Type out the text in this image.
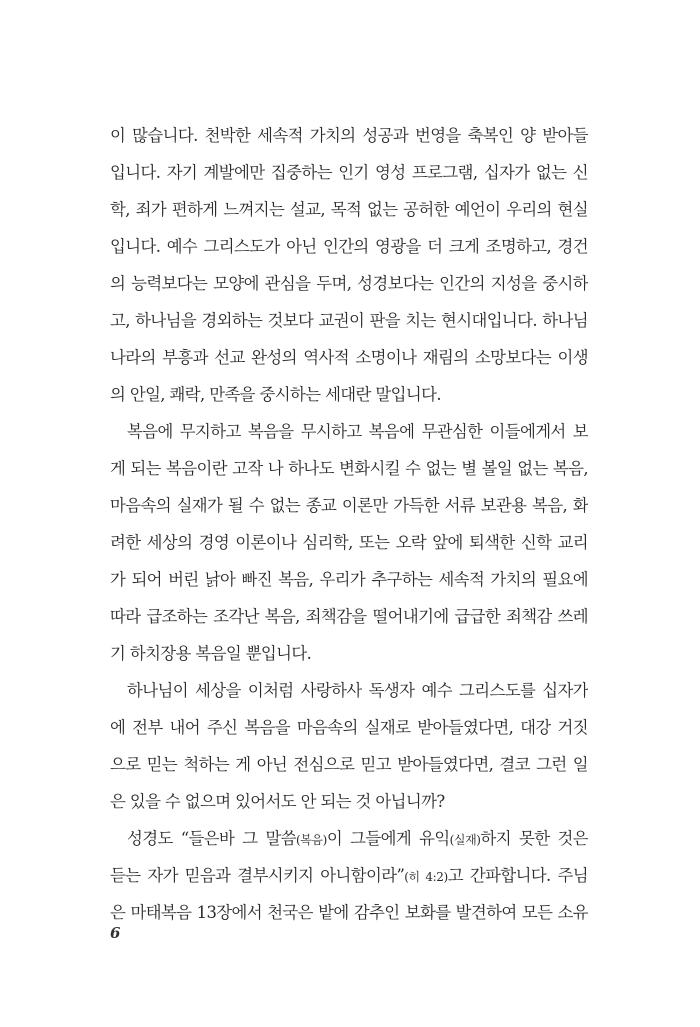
이 많습니다. 천박한 세속적 가치의 성공과 번영을 축복인 양 받아들
입니다. 자기 계발에만 집중하는 인기 영성 프로그램, 십자가 없는 신
학, 죄가 편하게 느껴지는 설교, 목적 없는 공허한 예언이 우리의 현실
입니다. 예수 그리스도가 아닌 인간의 영광을 더 크게 조명하고, 경건
의 능력보다는 모양에 관심을 두며, 성경보다는 인간의 지성을 중시하
고, 하나님을 경외하는 것보다 교권이 판을 치는 현시대입니다. 하나님
나라의 부흥과 선교 완성의 역사적 소명이나 재림의 소망보다는 이생
의 안일, 쾌락, 만족을 중시하는 세대란 말입니다.
복음에 무지하고 복음을 무시하고 복음에 무관심한 이들에게서 보
게 되는 복음이란 고작 나 하나도 변화시킬 수 없는 별 볼일 없는 복음,
마음속의 실재가 될 수 없는 종교 이론만 가득한 서류 보관용 복음, 화
려한 세상의 경영 이론이나 심리학, 또는 오락 앞에 퇴색한 신학 교리
가 되어 버린 낡아 빠진 복음, 우리가 추구하는 세속적 가치의 필요에
따라 급조하는 조각난 복음, 죄책감을 떨어내기에 급급한 죄책감 쓰레
기 하치장용 복음일 뿐입니다.
하나님이 세상을 이처럼 사랑하사 독생자 예수 그리스도를 십자가
에 전부 내어 주신 복음을 마음속의 실재로 받아들였다면, 대강 거짓
으로 믿는 척하는 게 아닌 전심으로 믿고 받아들였다면, 결코 그런 일
은 있을 수 없으며 있어서도 안 되는 것 아닙니까?
성경도 “들은바 그 말씀(복음)이 그들에게 유익(실재)하지 못한 것은
듣는 자가 믿음과 결부시키지 아니함이라”(히 4:2)고 간파합니다. 주님
은 마태복음 13장에서 천국은 밭에 감추인 보화를 발견하여 모든 소유
6
